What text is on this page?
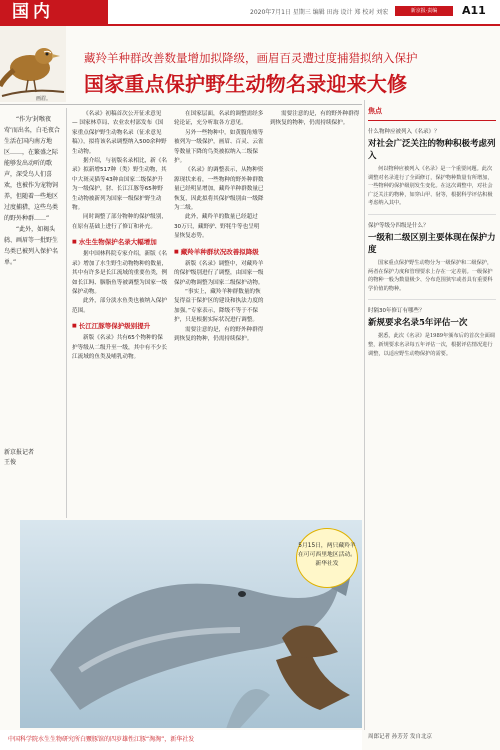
国内	2020年7月1日 星期三 编辑 田海 设计 郑 校对 刘宏	新京报·责编	A11
画眉。
藏羚羊种群改善数量增加拟降级，画眉百灵遭过度捕猎拟纳入保护
国家重点保护野生动物名录迎来大修

“作为‘封喉夜莺’而出名，白毛夜合生活在国内南方地区……，在繁盛之际能够发出动听的歌声，深受鸟人们喜欢，也被作为宠物饲养，但随着一些地区过度捕猎，这些鸟类的野外种群……”

“此外，如褐头鸫、画眉等一批野生鸟类已被列入保护名单。”

新京报记者
王俊

《名录》初稿首次公开征求意见 — 国家林草局、农业农村部发布《国家重点保护野生动物名录（征求意见稿）》，拟将该名录调整纳入500余种野生动物。

据介绍，与初版名录相比，新《名录》拟新增517种（类）野生动物，其中大斑灵猫等43种由国家二级保护升为一级保护，豺、长江江豚等65种野生动物被新列为国家一级保护野生动物。

同时调整了部分物种的保护级别，在原有基础上进行了修订和补充。

■ 水生生物保护名录大幅增加

据中国林科院专家介绍，新版《名录》增加了水生野生动物物种的数量，其中有许多是长江流域的重要鱼类，例如长江鲟、胭脂鱼等被调整为国家一级保护动物。

此外，部分淡水鱼类也被纳入保护范围。

■ 长江江豚等保护级别提升

新版《名录》共有65个物种的保护等级从二级升至一级，其中有不少长江流域的鱼类及哺乳动物。

在国家层面，名录的调整需经多轮论证，充分听取各方意见。

另外一些物种中，如黄腹角雉等被列为一级保护，画眉、百灵、云雀等数量下降的鸟类被拟纳入二级保护。

《名录》的调整表示，从物种资源现状来看，一些物种的野外种群数量已经明显增加，藏羚羊种群数量已恢复，因此拟将其保护级别由一级降为二级。

此外，藏羚羊的数量已经超过30万只，藏野驴、野牦牛等也呈明显恢复态势。

■ 藏羚羊种群状况改善拟降级

新版《名录》调整中，对藏羚羊的保护级别进行了调整，由国家一级保护动物调整为国家二级保护动物。

“事实上，藏羚羊种群数量的恢复得益于保护区的建设和执法力度的加强。”专家表示，降级不等于不保护，只是根据实际状况进行调整。

需要注意的是，有的野外种群得到恢复的物种，仍需持续保护。

需要注意的是，有的野外种群得到恢复的物种，仍需持续保护。

5月15日，两只藏羚羊在可可西里地区活动。
新华社发
中国科学院水生生物研究所白鱀豚馆的四岁雄性江豚“淘淘”，新华社发
焦点
什么物种应被列入《名录》？
对社会广泛关注的物种积极考虑列入

何以物种应被列入《名录》是一个重要问题。此次调整对名录进行了全面修订，保护物种数量有所增加，一些物种的保护级别发生变化。在这次调整中，对社会广泛关注的物种，如穿山甲、豺等，根据科学评估积极考虑纳入其中。

保护等级分四级是什么？
一级和二级区别主要体现在保护力度

国家重点保护野生动物分为一级保护和二级保护，两者在保护力度和管理要求上存在一定差别。一级保护的物种一般为数量极少、分布范围狭窄或者具有重要科学价值的物种。

时隔30年修订有哪些？
新规要求名录5年评估一次

据悉，此次《名录》是1989年颁布后的首次全面调整，新规要求名录每五年评估一次，根据评估情况进行调整，以适应野生动物保护的需要。

周郎记者 孙芳芳 发自北京
